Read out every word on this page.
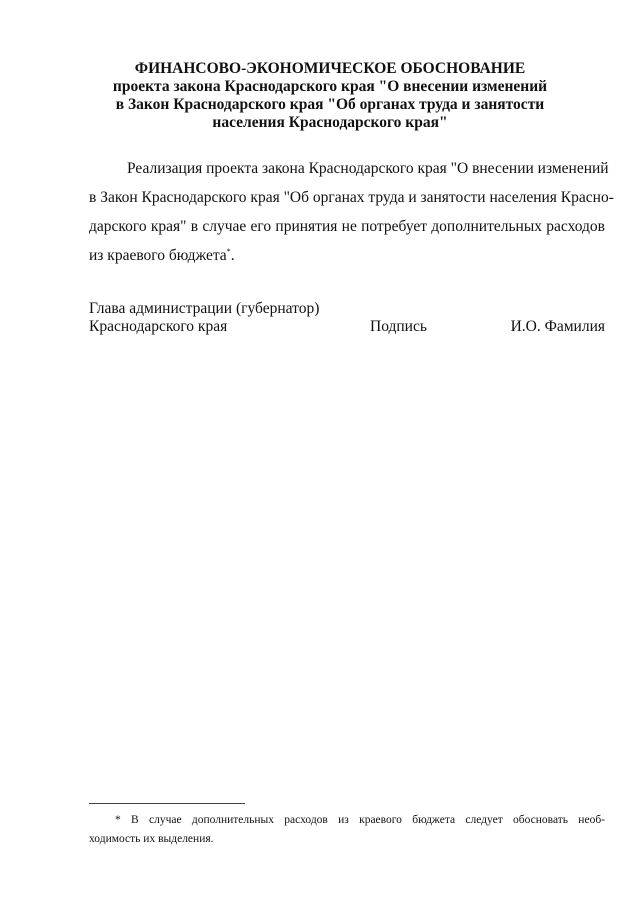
ФИНАНСОВО-ЭКОНОМИЧЕСКОЕ ОБОСНОВАНИЕ
проекта закона Краснодарского края "О внесении изменений
в Закон Краснодарского края "Об органах труда и занятости
населения Краснодарского края"
Реализация проекта закона Краснодарского края "О внесении изменений
в Закон Краснодарского края "Об органах труда и занятости населения Красно-
дарского края" в случае его принятия не потребует дополнительных расходов
из краевого бюджета*.
Глава администрации (губернатор)
Краснодарского края	Подпись	И.О. Фамилия
* В случае дополнительных расходов из краевого бюджета следует обосновать необ-
ходимость их выделения.
